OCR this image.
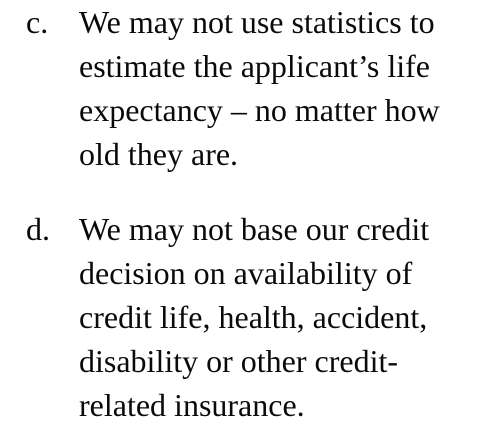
c. We may not use statistics to
estimate the applicant’s life
expectancy – no matter how
old they are.
d. We may not base our credit
decision on availability of
credit life, health, accident,
disability or other credit-
related insurance.
